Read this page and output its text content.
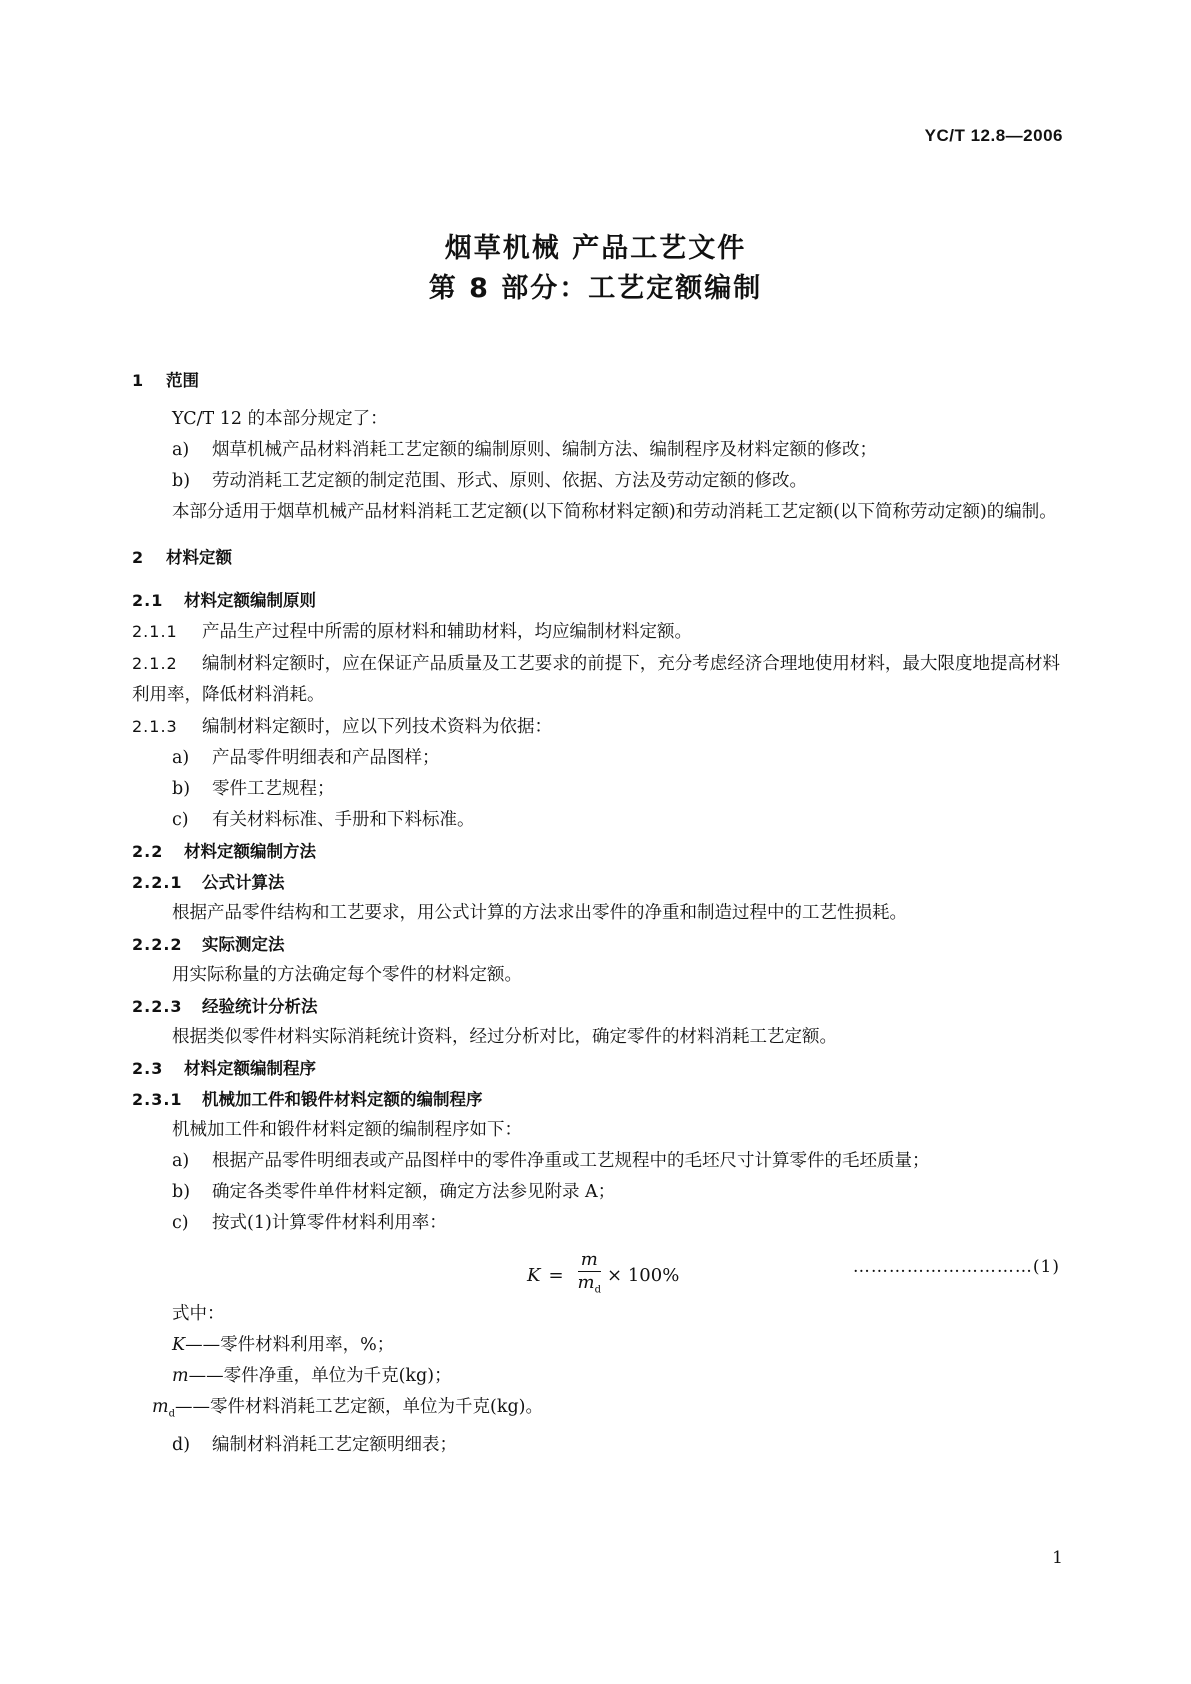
YC/T 12.8—2006
烟草机械 产品工艺文件
第 8 部分：工艺定额编制
1 范围
YC/T 12 的本部分规定了：
a) 烟草机械产品材料消耗工艺定额的编制原则、编制方法、编制程序及材料定额的修改；
b) 劳动消耗工艺定额的制定范围、形式、原则、依据、方法及劳动定额的修改。
本部分适用于烟草机械产品材料消耗工艺定额(以下简称材料定额)和劳动消耗工艺定额(以下简称劳动定额)的编制。
2 材料定额
2.1 材料定额编制原则
2.1.1 产品生产过程中所需的原材料和辅助材料，均应编制材料定额。
2.1.2 编制材料定额时，应在保证产品质量及工艺要求的前提下，充分考虑经济合理地使用材料，最大限度地提高材料利用率，降低材料消耗。
2.1.3 编制材料定额时，应以下列技术资料为依据：
a) 产品零件明细表和产品图样；
b) 零件工艺规程；
c) 有关材料标准、手册和下料标准。
2.2 材料定额编制方法
2.2.1 公式计算法
根据产品零件结构和工艺要求，用公式计算的方法求出零件的净重和制造过程中的工艺性损耗。
2.2.2 实际测定法
用实际称量的方法确定每个零件的材料定额。
2.2.3 经验统计分析法
根据类似零件材料实际消耗统计资料，经过分析对比，确定零件的材料消耗工艺定额。
2.3 材料定额编制程序
2.3.1 机械加工件和锻件材料定额的编制程序
机械加工件和锻件材料定额的编制程序如下：
a) 根据产品零件明细表或产品图样中的零件净重或工艺规程中的毛坯尺寸计算零件的毛坯质量；
b) 确定各类零件单件材料定额，确定方法参见附录 A；
c) 按式(1)计算零件材料利用率：
$K = \frac{m}{m_d} \times 100\%$	…………………………(1)
式中：
K——零件材料利用率，%；
m——零件净重，单位为千克(kg)；
$m_d——$零件材料消耗工艺定额，单位为千克(kg)。
d) 编制材料消耗工艺定额明细表；
1
